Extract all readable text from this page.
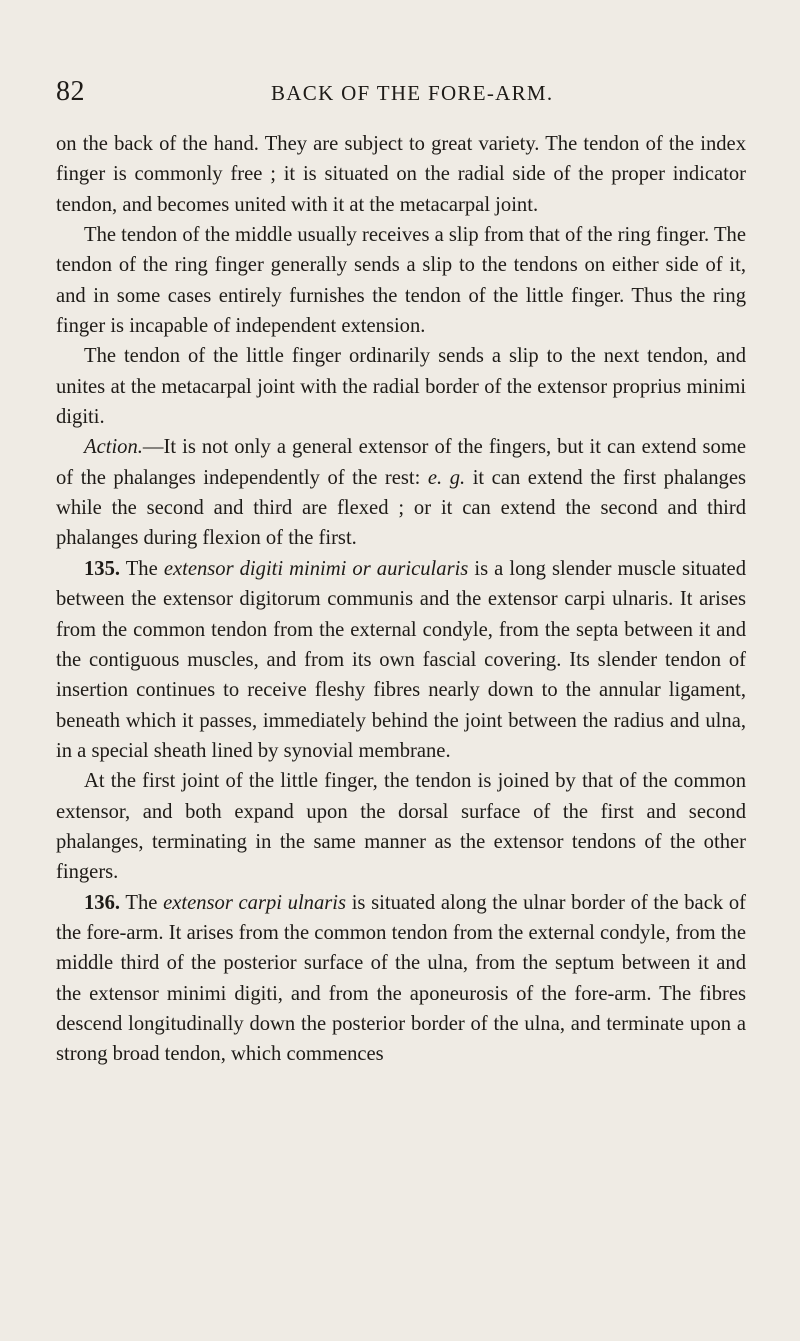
82	BACK OF THE FORE-ARM.

on the back of the hand. They are subject to great variety. The tendon of the index finger is commonly free ; it is situated on the radial side of the proper indicator tendon, and becomes united with it at the metacarpal joint.

The tendon of the middle usually receives a slip from that of the ring finger. The tendon of the ring finger generally sends a slip to the tendons on either side of it, and in some cases entirely furnishes the tendon of the little finger. Thus the ring finger is incapable of independent extension.

The tendon of the little finger ordinarily sends a slip to the next tendon, and unites at the metacarpal joint with the radial border of the extensor proprius minimi digiti.

Action.—It is not only a general extensor of the fingers, but it can extend some of the phalanges independently of the rest: e. g. it can extend the first phalanges while the second and third are flexed ; or it can extend the second and third phalanges during flexion of the first.

135. The extensor digiti minimi or auricularis is a long slender muscle situated between the extensor digitorum communis and the extensor carpi ulnaris. It arises from the common tendon from the external condyle, from the septa between it and the contiguous muscles, and from its own fascial covering. Its slender tendon of insertion continues to receive fleshy fibres nearly down to the annular ligament, beneath which it passes, immediately behind the joint between the radius and ulna, in a special sheath lined by synovial membrane.

At the first joint of the little finger, the tendon is joined by that of the common extensor, and both expand upon the dorsal surface of the first and second phalanges, terminating in the same manner as the extensor tendons of the other fingers.

136. The extensor carpi ulnaris is situated along the ulnar border of the back of the fore-arm. It arises from the common tendon from the external condyle, from the middle third of the posterior surface of the ulna, from the septum between it and the extensor minimi digiti, and from the aponeurosis of the fore-arm. The fibres descend longitudinally down the posterior border of the ulna, and terminate upon a strong broad tendon, which commences
